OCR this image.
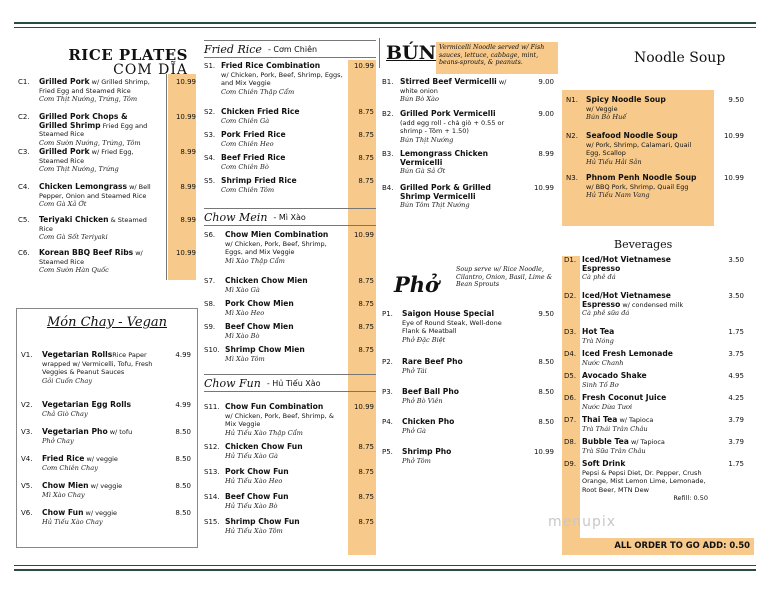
RICE PLATES
COM DĨA
C1. Grilled Pork w/ Grilled Shrimp, Fried Egg and Steamed Rice
Cơm Thịt Nướng, Trứng, Tôm
10.99
C2. Grilled Pork Chops & Grilled Shrimp Fried Egg and Steamed Rice
Cơm Sườn Nướng, Trứng, Tôm
10.99
C3. Grilled Pork w/ Fried Egg, Steamed Rice
Cơm Thịt Nướng, Trứng
8.99
C4. Chicken Lemongrass w/ Bell Pepper, Onion and Steamed Rice
Cơm Gà Xả Ớt
8.99
C5. Teriyaki Chicken & Steamed Rice
Cơm Gà Sốt Teriyaki
8.99
C6. Korean BBQ Beef Ribs w/ Steamed Rice
Cơm Sườn Hàn Quốc
10.99
Món Chay - Vegan
V1. Vegetarian RollsRice Paper wrapped w/ Vermicelli, Tofu, Fresh Veggies & Peanut Sauces
Gỏi Cuốn Chay
4.99
V2. Vegetarian Egg Rolls
Chả Giò Chay
4.99
V3. Vegetarian Pho w/ tofu
Phở Chay
8.50
V4. Fried Rice w/ veggie
Cơm Chiên Chay
8.50
V5. Chow Mien w/ veggie
Mì Xào Chay
8.50
V6. Chow Fun w/ veggie
Hủ Tiếu Xào Chay
8.50
Fried Rice - Cơm Chiên
S1. Fried Rice Combination
w/ Chicken, Pork, Beef, Shrimp, Eggs, and Mix Veggie
Cơm Chiên Thập Cẩm
10.99
S2. Chicken Fried Rice
Cơm Chiên Gà
8.75
S3. Pork Fried Rice
Cơm Chiên Heo
8.75
S4. Beef Fried Rice
Cơm Chiên Bò
8.75
S5. Shrimp Fried Rice
Cơm Chiên Tôm
8.75
Chow Mein - Mì Xào
S6. Chow Mien Combination
w/ Chicken, Pork, Beef, Shrimp, Eggs, and Mix Veggie
Mì Xào Thập Cẩm
10.99
S7. Chicken Chow Mien
Mì Xào Gà
8.75
S8. Pork Chow Mien
Mì Xào Heo
8.75
S9. Beef Chow Mien
Mì Xào Bò
8.75
S10. Shrimp Chow Mien
Mì Xào Tôm
8.75
Chow Fun - Hủ Tiếu Xào
S11. Chow Fun Combination
w/ Chicken, Pork, Beef, Shrimp, & Mix Veggie
Hủ Tiếu Xào Thập Cẩm
10.99
S12. Chicken Chow Fun
Hủ Tiếu Xào Gà
8.75
S13. Pork Chow Fun
Hủ Tiếu Xào Heo
8.75
S14. Beef Chow Fun
Hủ Tiếu Xào Bò
8.75
S15. Shrimp Chow Fun
Hủ Tiếu Xào Tôm
8.75
BÚN Vermicelli Noodle served w/ Fish sauces, lettuce, cabbage, mint, beans-sprouts, & peanuts.
B1. Stirred Beef Vermicelli w/ white onion
Bún Bò Xào
9.00
B2. Grilled Pork Vermicelli
(add egg roll - chả giò + 0.55 or shrimp - Tôm + 1.50)
Bún Thịt Nướng
9.00
B3. Lemongrass Chicken Vermicelli
Bún Gà Sả Ớt
8.99
B4. Grilled Pork & Grilled Shrimp Vermicelli
Bún Tôm Thịt Nướng
10.99
Phở
Soup serve w/ Rice Noodle, Cilantro, Onion, Basil, Lime & Bean Sprouts
P1. Saigon House Special
Eye of Round Steak, Well-done Flank & Meatball
Phở Đặc Biệt
9.50
P2. Rare Beef Pho
Phở Tái
8.50
P3. Beef Ball Pho
Phở Bò Viên
8.50
P4. Chicken Pho
Phở Gà
8.50
P5. Shrimp Pho
Phở Tôm
10.99
Noodle Soup
N1. Spicy Noodle Soup
w/ Veggie
Bún Bò Huế
9.50
N2. Seafood Noodle Soup
w/ Pork, Shrimp, Calamari, Quail Egg, Scallop
Hủ Tiếu Hải Sản
10.99
N3. Phnom Penh Noodle Soup
w/ BBQ Pork, Shrimp, Quail Egg
Hủ Tiếu Nam Vang
10.99
Beverages
D1. Iced/Hot Vietnamese Espresso
Cà phê đá
3.50
D2. Iced/Hot Vietnamese Espresso w/ condensed milk
Cà phê sữa đá
3.50
D3. Hot Tea
Trà Nóng
1.75
D4. Iced Fresh Lemonade
Nước Chanh
3.75
D5. Avocado Shake
Sinh Tố Bơ
4.95
D6. Fresh Coconut Juice
Nước Dừa Tươi
4.25
D7. Thai Tea w/ Tapioca
Trà Thái Trân Châu
3.79
D8. Bubble Tea w/ Tapioca
Trà Sữa Trân Châu
3.79
D9. Soft Drink
Pepsi & Pepsi Diet, Dr. Pepper, Crush Orange, Mist Lemon Lime, Lemonade, Root Beer, MTN Dew
Refill: 0.50
1.75
ALL ORDER TO GO ADD: 0.50
menupix
